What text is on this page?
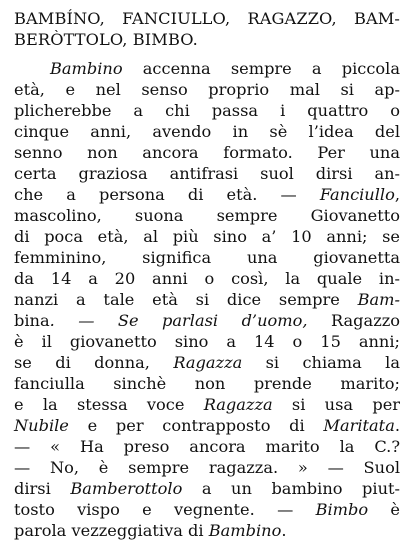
BAMBÍNO, FANCIULLO, RAGAZZO, BAM-
BERÒTTOLO, BIMBO.
Bambino accenna sempre a piccola
età, e nel senso proprio mal si ap-
plicherebbe a chi passa i quattro o
cinque anni, avendo in sè l’idea del
senno non ancora formato. Per una
certa graziosa antifrasi suol dirsi an-
che a persona di età. — Fanciullo,
mascolino, suona sempre Giovanetto
di poca età, al più sino a’ 10 anni; se
femminino, significa una giovanetta
da 14 a 20 anni o così, la quale in-
nanzi a tale età si dice sempre Bam-
bina. — Se parlasi d’uomo, Ragazzo
è il giovanetto sino a 14 o 15 anni;
se di donna, Ragazza si chiama la
fanciulla sinchè non prende marito;
e la stessa voce Ragazza si usa per
Nubile e per contrapposto di Maritata.
— « Ha preso ancora marito la C.?
— No, è sempre ragazza. » — Suol
dirsi Bamberottolo a un bambino piut-
tosto vispo e vegnente. — Bimbo è
parola vezzeggiativa di Bambino.
